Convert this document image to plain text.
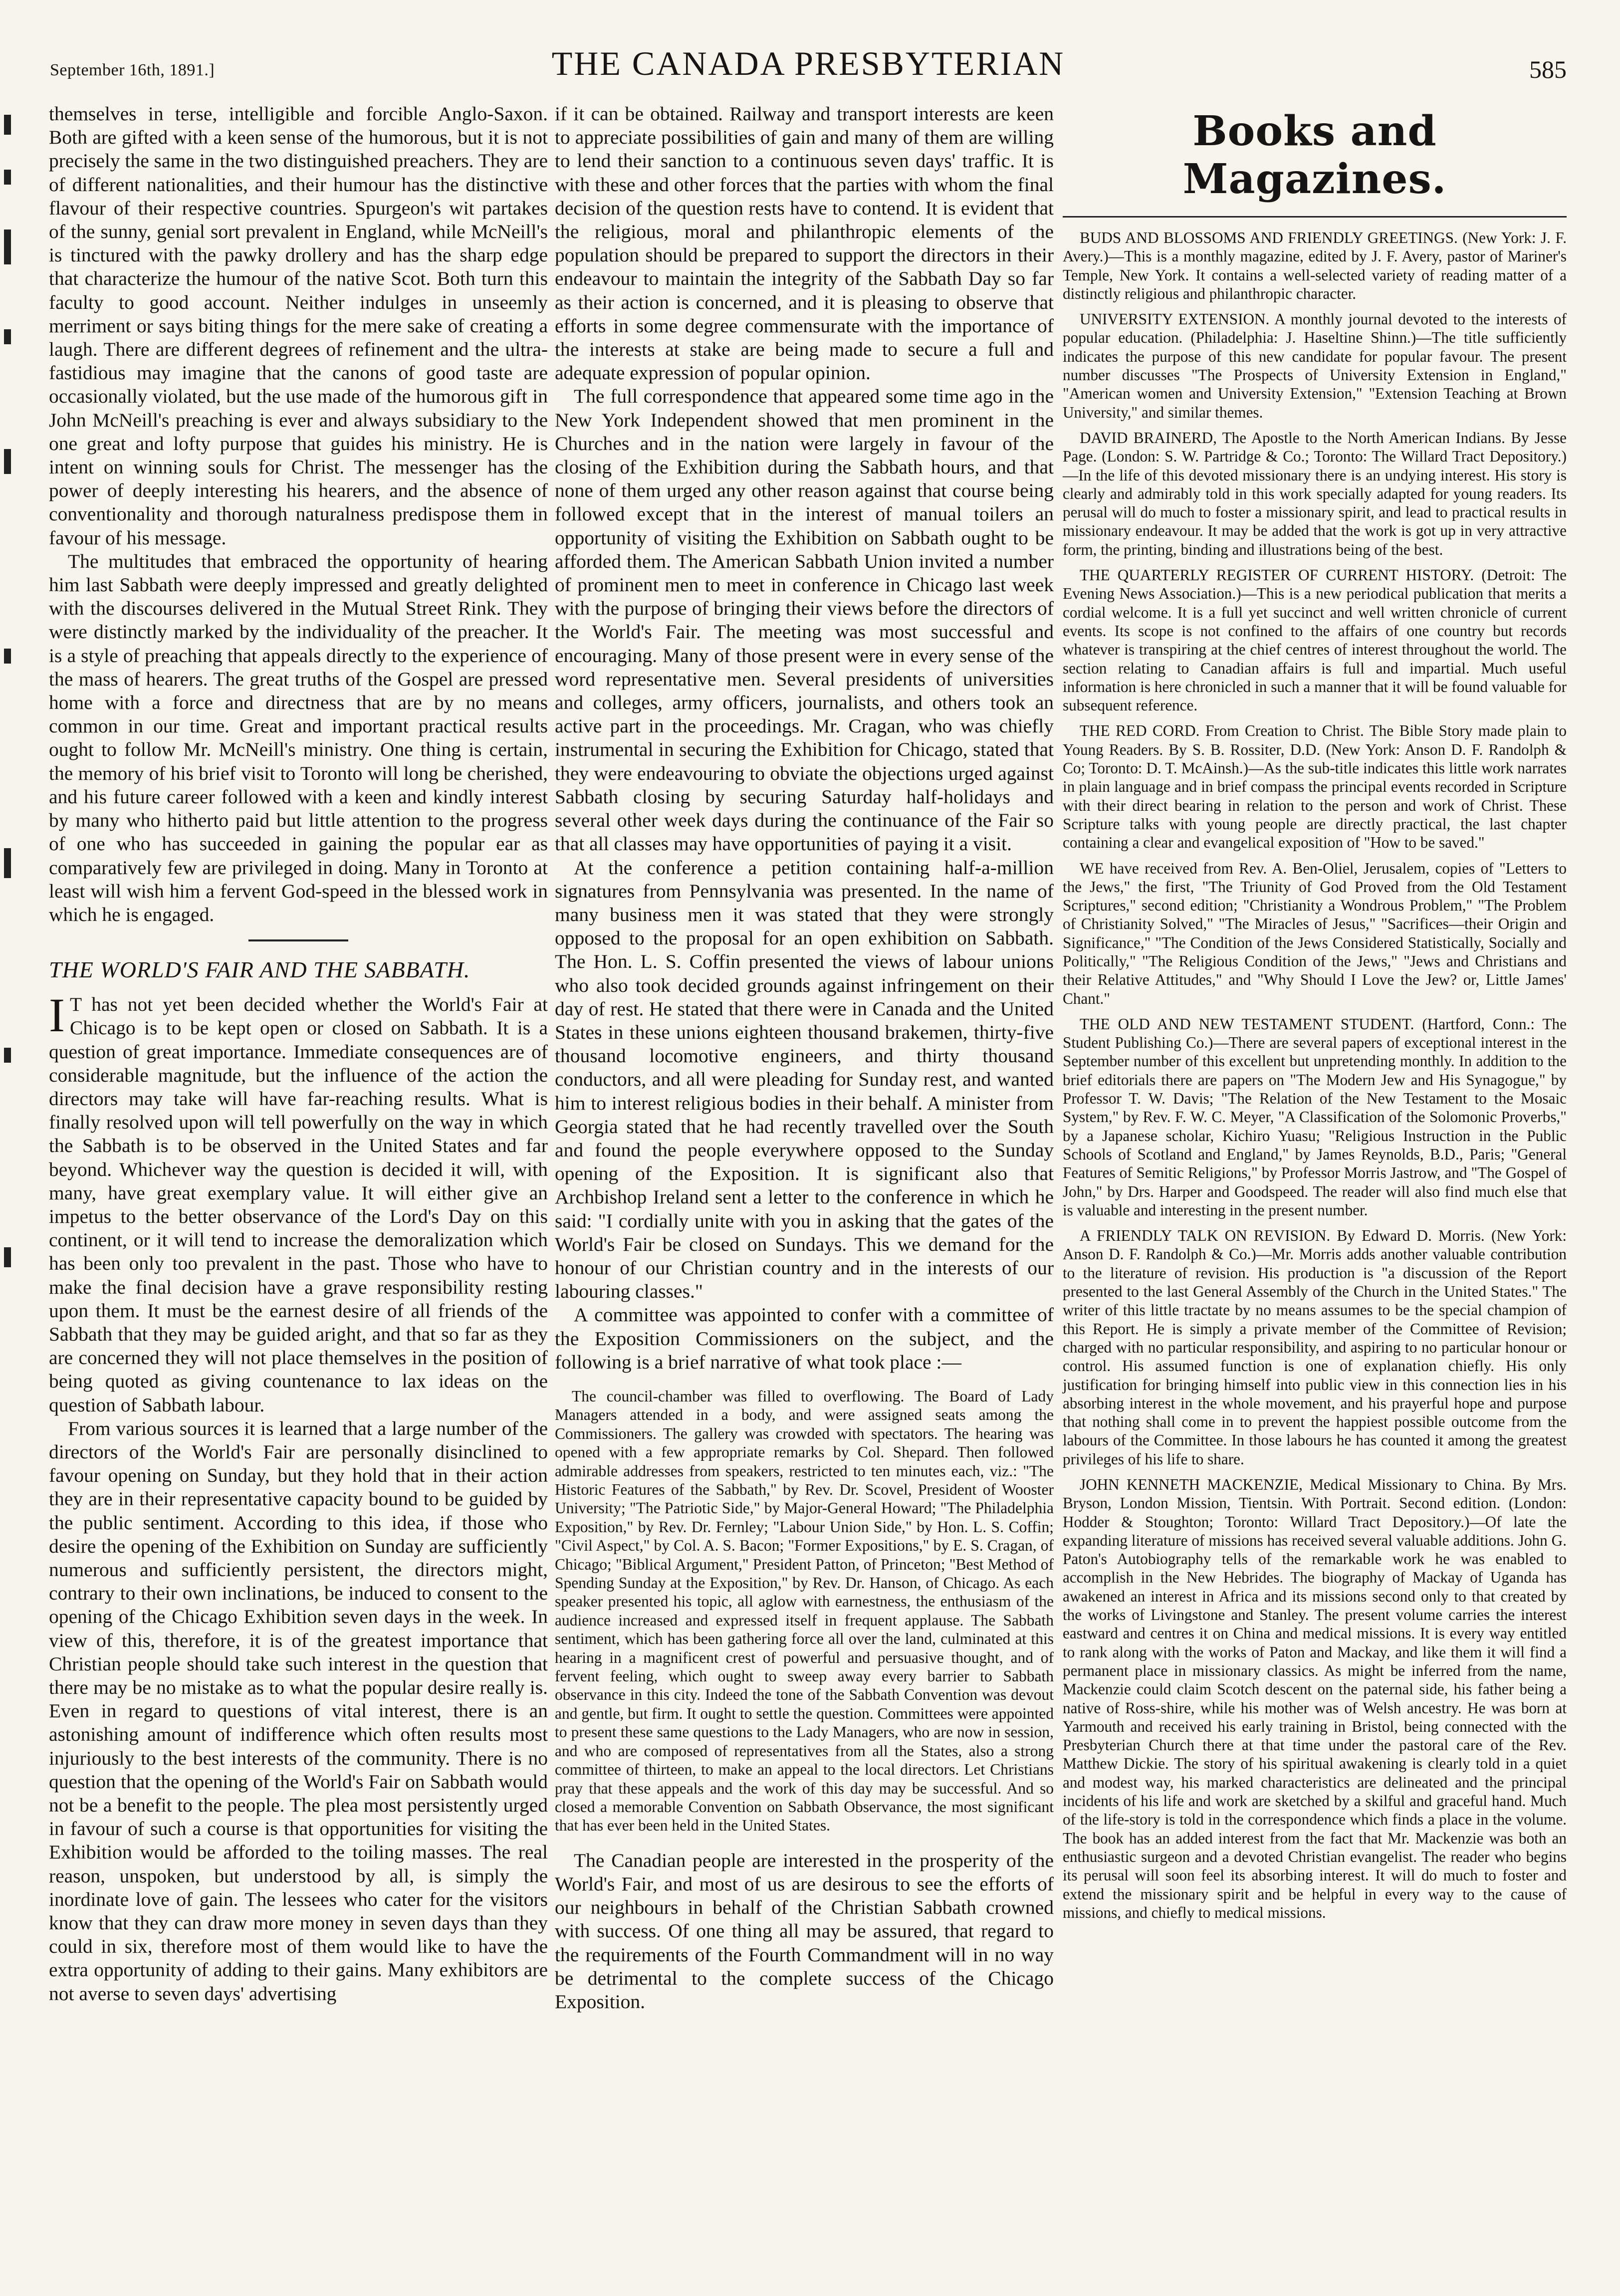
September 16th, 1891.]	THE CANADA PRESBYTERIAN	585

themselves in terse, intelligible and forcible Anglo-Saxon. Both are gifted with a keen sense of the humorous, but it is not precisely the same in the two distinguished preachers. They are of different nationalities, and their humour has the distinctive flavour of their respective countries. Spurgeon's wit partakes of the sunny, genial sort prevalent in England, while McNeill's is tinctured with the pawky drollery and has the sharp edge that characterize the humour of the native Scot. Both turn this faculty to good account. Neither indulges in unseemly merriment or says biting things for the mere sake of creating a laugh. There are different degrees of refinement and the ultra-fastidious may imagine that the canons of good taste are occasionally violated, but the use made of the humorous gift in John McNeill's preaching is ever and always subsidiary to the one great and lofty purpose that guides his ministry. He is intent on winning souls for Christ. The messenger has the power of deeply interesting his hearers, and the absence of conventionality and thorough naturalness predispose them in favour of his message.

The multitudes that embraced the opportunity of hearing him last Sabbath were deeply impressed and greatly delighted with the discourses delivered in the Mutual Street Rink. They were distinctly marked by the individuality of the preacher. It is a style of preaching that appeals directly to the experience of the mass of hearers. The great truths of the Gospel are pressed home with a force and directness that are by no means common in our time. Great and important practical results ought to follow Mr. McNeill's ministry. One thing is certain, the memory of his brief visit to Toronto will long be cherished, and his future career followed with a keen and kindly interest by many who hitherto paid but little attention to the progress of one who has succeeded in gaining the popular ear as comparatively few are privileged in doing. Many in Toronto at least will wish him a fervent God-speed in the blessed work in which he is engaged.

THE WORLD'S FAIR AND THE SABBATH.

I T has not yet been decided whether the World's Fair at Chicago is to be kept open or closed on Sabbath. It is a question of great importance. Immediate consequences are of considerable magnitude, but the influence of the action the directors may take will have far-reaching results. What is finally resolved upon will tell powerfully on the way in which the Sabbath is to be observed in the United States and far beyond. Whichever way the question is decided it will, with many, have great exemplary value. It will either give an impetus to the better observance of the Lord's Day on this continent, or it will tend to increase the demoralization which has been only too prevalent in the past. Those who have to make the final decision have a grave responsibility resting upon them. It must be the earnest desire of all friends of the Sabbath that they may be guided aright, and that so far as they are concerned they will not place themselves in the position of being quoted as giving countenance to lax ideas on the question of Sabbath labour.

From various sources it is learned that a large number of the directors of the World's Fair are personally disinclined to favour opening on Sunday, but they hold that in their action they are in their representative capacity bound to be guided by the public sentiment. According to this idea, if those who desire the opening of the Exhibition on Sunday are sufficiently numerous and sufficiently persistent, the directors might, contrary to their own inclinations, be induced to consent to the opening of the Chicago Exhibition seven days in the week. In view of this, therefore, it is of the greatest importance that Christian people should take such interest in the question that there may be no mistake as to what the popular desire really is. Even in regard to questions of vital interest, there is an astonishing amount of indifference which often results most injuriously to the best interests of the community. There is no question that the opening of the World's Fair on Sabbath would not be a benefit to the people. The plea most persistently urged in favour of such a course is that opportunities for visiting the Exhibition would be afforded to the toiling masses. The real reason, unspoken, but understood by all, is simply the inordinate love of gain. The lessees who cater for the visitors know that they can draw more money in seven days than they could in six, therefore most of them would like to have the extra opportunity of adding to their gains. Many exhibitors are not averse to seven days' advertising

if it can be obtained. Railway and transport interests are keen to appreciate possibilities of gain and many of them are willing to lend their sanction to a continuous seven days' traffic. It is with these and other forces that the parties with whom the final decision of the question rests have to contend. It is evident that the religious, moral and philanthropic elements of the population should be prepared to support the directors in their endeavour to maintain the integrity of the Sabbath Day so far as their action is concerned, and it is pleasing to observe that efforts in some degree commensurate with the importance of the interests at stake are being made to secure a full and adequate expression of popular opinion.

The full correspondence that appeared some time ago in the New York Independent showed that men prominent in the Churches and in the nation were largely in favour of the closing of the Exhibition during the Sabbath hours, and that none of them urged any other reason against that course being followed except that in the interest of manual toilers an opportunity of visiting the Exhibition on Sabbath ought to be afforded them. The American Sabbath Union invited a number of prominent men to meet in conference in Chicago last week with the purpose of bringing their views before the directors of the World's Fair. The meeting was most successful and encouraging. Many of those present were in every sense of the word representative men. Several presidents of universities and colleges, army officers, journalists, and others took an active part in the proceedings. Mr. Cragan, who was chiefly instrumental in securing the Exhibition for Chicago, stated that they were endeavouring to obviate the objections urged against Sabbath closing by securing Saturday half-holidays and several other week days during the continuance of the Fair so that all classes may have opportunities of paying it a visit.

At the conference a petition containing half-a-million signatures from Pennsylvania was presented. In the name of many business men it was stated that they were strongly opposed to the proposal for an open exhibition on Sabbath. The Hon. L. S. Coffin presented the views of labour unions who also took decided grounds against infringement on their day of rest. He stated that there were in Canada and the United States in these unions eighteen thousand brakemen, thirty-five thousand locomotive engineers, and thirty thousand conductors, and all were pleading for Sunday rest, and wanted him to interest religious bodies in their behalf. A minister from Georgia stated that he had recently travelled over the South and found the people everywhere opposed to the Sunday opening of the Exposition. It is significant also that Archbishop Ireland sent a letter to the conference in which he said: "I cordially unite with you in asking that the gates of the World's Fair be closed on Sundays. This we demand for the honour of our Christian country and in the interests of our labouring classes."

A committee was appointed to confer with a committee of the Exposition Commissioners on the subject, and the following is a brief narrative of what took place :—

The council-chamber was filled to overflowing. The Board of Lady Managers attended in a body, and were assigned seats among the Commissioners. The gallery was crowded with spectators. The hearing was opened with a few appropriate remarks by Col. Shepard. Then followed admirable addresses from speakers, restricted to ten minutes each, viz.: "The Historic Features of the Sabbath," by Rev. Dr. Scovel, President of Wooster University; "The Patriotic Side," by Major-General Howard; "The Philadelphia Exposition," by Rev. Dr. Fernley; "Labour Union Side," by Hon. L. S. Coffin; "Civil Aspect," by Col. A. S. Bacon; "Former Expositions," by E. S. Cragan, of Chicago; "Biblical Argument," President Patton, of Princeton; "Best Method of Spending Sunday at the Exposition," by Rev. Dr. Hanson, of Chicago. As each speaker presented his topic, all aglow with earnestness, the enthusiasm of the audience increased and expressed itself in frequent applause. The Sabbath sentiment, which has been gathering force all over the land, culminated at this hearing in a magnificent crest of powerful and persuasive thought, and of fervent feeling, which ought to sweep away every barrier to Sabbath observance in this city. Indeed the tone of the Sabbath Convention was devout and gentle, but firm. It ought to settle the question. Committees were appointed to present these same questions to the Lady Managers, who are now in session, and who are composed of representatives from all the States, also a strong committee of thirteen, to make an appeal to the local directors. Let Christians pray that these appeals and the work of this day may be successful. And so closed a memorable Convention on Sabbath Observance, the most significant that has ever been held in the United States.

The Canadian people are interested in the prosperity of the World's Fair, and most of us are desirous to see the efforts of our neighbours in behalf of the Christian Sabbath crowned with success. Of one thing all may be assured, that regard to the requirements of the Fourth Commandment will in no way be detrimental to the complete success of the Chicago Exposition.

Books and Magazines.

BUDS AND BLOSSOMS AND FRIENDLY GREETINGS. (New York: J. F. Avery.)—This is a monthly magazine, edited by J. F. Avery, pastor of Mariner's Temple, New York. It contains a well-selected variety of reading matter of a distinctly religious and philanthropic character.

UNIVERSITY EXTENSION. A monthly journal devoted to the interests of popular education. (Philadelphia: J. Haseltine Shinn.)—The title sufficiently indicates the purpose of this new candidate for popular favour. The present number discusses "The Prospects of University Extension in England," "American women and University Extension," "Extension Teaching at Brown University," and similar themes.

DAVID BRAINERD, The Apostle to the North American Indians. By Jesse Page. (London: S. W. Partridge & Co.; Toronto: The Willard Tract Depository.)—In the life of this devoted missionary there is an undying interest. His story is clearly and admirably told in this work specially adapted for young readers. Its perusal will do much to foster a missionary spirit, and lead to practical results in missionary endeavour. It may be added that the work is got up in very attractive form, the printing, binding and illustrations being of the best.

THE QUARTERLY REGISTER OF CURRENT HISTORY. (Detroit: The Evening News Association.)—This is a new periodical publication that merits a cordial welcome. It is a full yet succinct and well written chronicle of current events. Its scope is not confined to the affairs of one country but records whatever is transpiring at the chief centres of interest throughout the world. The section relating to Canadian affairs is full and impartial. Much useful information is here chronicled in such a manner that it will be found valuable for subsequent reference.

THE RED CORD. From Creation to Christ. The Bible Story made plain to Young Readers. By S. B. Rossiter, D.D. (New York: Anson D. F. Randolph & Co; Toronto: D. T. McAinsh.)—As the sub-title indicates this little work narrates in plain language and in brief compass the principal events recorded in Scripture with their direct bearing in relation to the person and work of Christ. These Scripture talks with young people are directly practical, the last chapter containing a clear and evangelical exposition of "How to be saved."

WE have received from Rev. A. Ben-Oliel, Jerusalem, copies of "Letters to the Jews," the first, "The Triunity of God Proved from the Old Testament Scriptures," second edition; "Christianity a Wondrous Problem," "The Problem of Christianity Solved," "The Miracles of Jesus," "Sacrifices—their Origin and Significance," "The Condition of the Jews Considered Statistically, Socially and Politically," "The Religious Condition of the Jews," "Jews and Christians and their Relative Attitudes," and "Why Should I Love the Jew? or, Little James' Chant."

THE OLD AND NEW TESTAMENT STUDENT. (Hartford, Conn.: The Student Publishing Co.)—There are several papers of exceptional interest in the September number of this excellent but unpretending monthly. In addition to the brief editorials there are papers on "The Modern Jew and His Synagogue," by Professor T. W. Davis; "The Relation of the New Testament to the Mosaic System," by Rev. F. W. C. Meyer, "A Classification of the Solomonic Proverbs," by a Japanese scholar, Kichiro Yuasu; "Religious Instruction in the Public Schools of Scotland and England," by James Reynolds, B.D., Paris; "General Features of Semitic Religions," by Professor Morris Jastrow, and "The Gospel of John," by Drs. Harper and Goodspeed. The reader will also find much else that is valuable and interesting in the present number.

A FRIENDLY TALK ON REVISION. By Edward D. Morris. (New York: Anson D. F. Randolph & Co.)—Mr. Morris adds another valuable contribution to the literature of revision. His production is "a discussion of the Report presented to the last General Assembly of the Church in the United States." The writer of this little tractate by no means assumes to be the special champion of this Report. He is simply a private member of the Committee of Revision; charged with no particular responsibility, and aspiring to no particular honour or control. His assumed function is one of explanation chiefly. His only justification for bringing himself into public view in this connection lies in his absorbing interest in the whole movement, and his prayerful hope and purpose that nothing shall come in to prevent the happiest possible outcome from the labours of the Committee. In those labours he has counted it among the greatest privileges of his life to share.

JOHN KENNETH MACKENZIE, Medical Missionary to China. By Mrs. Bryson, London Mission, Tientsin. With Portrait. Second edition. (London: Hodder & Stoughton; Toronto: Willard Tract Depository.)—Of late the expanding literature of missions has received several valuable additions. John G. Paton's Autobiography tells of the remarkable work he was enabled to accomplish in the New Hebrides. The biography of Mackay of Uganda has awakened an interest in Africa and its missions second only to that created by the works of Livingstone and Stanley. The present volume carries the interest eastward and centres it on China and medical missions. It is every way entitled to rank along with the works of Paton and Mackay, and like them it will find a permanent place in missionary classics. As might be inferred from the name, Mackenzie could claim Scotch descent on the paternal side, his father being a native of Ross-shire, while his mother was of Welsh ancestry. He was born at Yarmouth and received his early training in Bristol, being connected with the Presbyterian Church there at that time under the pastoral care of the Rev. Matthew Dickie. The story of his spiritual awakening is clearly told in a quiet and modest way, his marked characteristics are delineated and the principal incidents of his life and work are sketched by a skilful and graceful hand. Much of the life-story is told in the correspondence which finds a place in the volume. The book has an added interest from the fact that Mr. Mackenzie was both an enthusiastic surgeon and a devoted Christian evangelist. The reader who begins its perusal will soon feel its absorbing interest. It will do much to foster and extend the missionary spirit and be helpful in every way to the cause of missions, and chiefly to medical missions.
